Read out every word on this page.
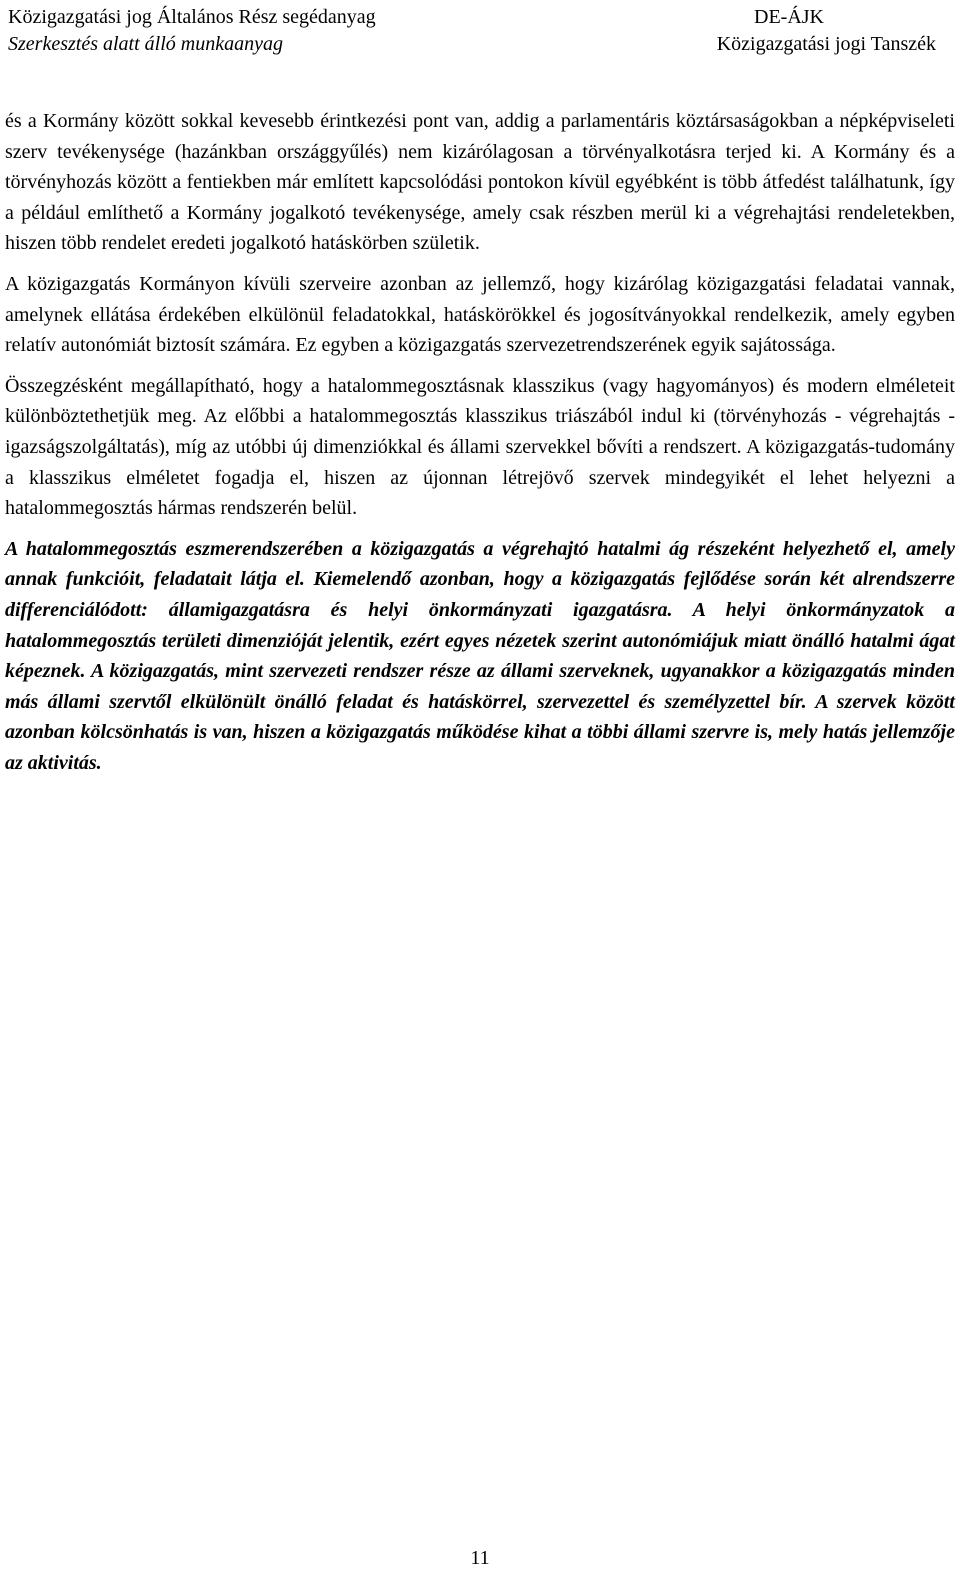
Közigazgatási jog Általános Rész segédanyag	DE-ÁJK
Szerkesztés alatt álló munkaanyag	Közigazgatási jogi Tanszék

és a Kormány között sokkal kevesebb érintkezési pont van, addig a parlamentáris köztársaságokban a népképviseleti szerv tevékenysége (hazánkban országgyűlés) nem kizárólagosan a törvényalkotásra terjed ki. A Kormány és a törvényhozás között a fentiekben már említett kapcsolódási pontokon kívül egyébként is több átfedést találhatunk, így a például említhető a Kormány jogalkotó tevékenysége, amely csak részben merül ki a végrehajtási rendeletekben, hiszen több rendelet eredeti jogalkotó hatáskörben születik.

A közigazgatás Kormányon kívüli szerveire azonban az jellemző, hogy kizárólag közigazgatási feladatai vannak, amelynek ellátása érdekében elkülönül feladatokkal, hatáskörökkel és jogosítványokkal rendelkezik, amely egyben relatív autonómiát biztosít számára. Ez egyben a közigazgatás szervezetrendszerének egyik sajátossága.

Összegzésként megállapítható, hogy a hatalommegosztásnak klasszikus (vagy hagyományos) és modern elméleteit különböztethetjük meg. Az előbbi a hatalommegosztás klasszikus triászából indul ki (törvényhozás - végrehajtás - igazságszolgáltatás), míg az utóbbi új dimenziókkal és állami szervekkel bővíti a rendszert. A közigazgatás-tudomány a klasszikus elméletet fogadja el, hiszen az újonnan létrejövő szervek mindegyikét el lehet helyezni a hatalommegosztás hármas rendszerén belül.

A hatalommegosztás eszmerendszerében a közigazgatás a végrehajtó hatalmi ág részeként helyezhető el, amely annak funkcióit, feladatait látja el. Kiemelendő azonban, hogy a közigazgatás fejlődése során két alrendszerre differenciálódott: államigazgatásra és helyi önkormányzati igazgatásra. A helyi önkormányzatok a hatalommegosztás területi dimenzióját jelentik, ezért egyes nézetek szerint autonómiájuk miatt önálló hatalmi ágat képeznek. A közigazgatás, mint szervezeti rendszer része az állami szerveknek, ugyanakkor a közigazgatás minden más állami szervtől elkülönült önálló feladat és hatáskörrel, szervezettel és személyzettel bír. A szervek között azonban kölcsönhatás is van, hiszen a közigazgatás működése kihat a többi állami szervre is, mely hatás jellemzője az aktivitás.

11
